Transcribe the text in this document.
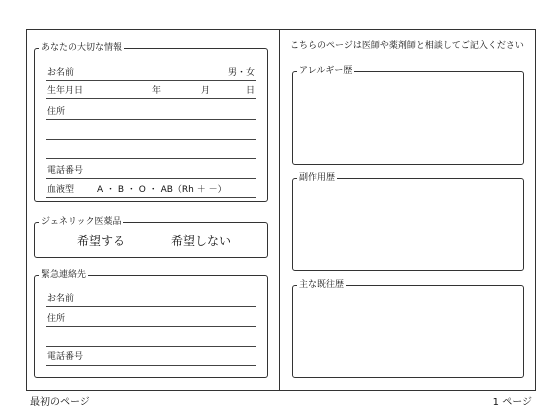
あなたの大切な情報
お名前	男・女
生年月日	年	月	日
住所
電話番号
血液型	A ・ B ・ O ・ AB（Rh ＋ －）
ジェネリック医薬品
希望する	希望しない
緊急連絡先
お名前
住所
電話番号
こちらのページは医師や薬剤師と相談してご記入ください
アレルギー歴
副作用歴
主な既往歴
最初のページ	1 ページ
